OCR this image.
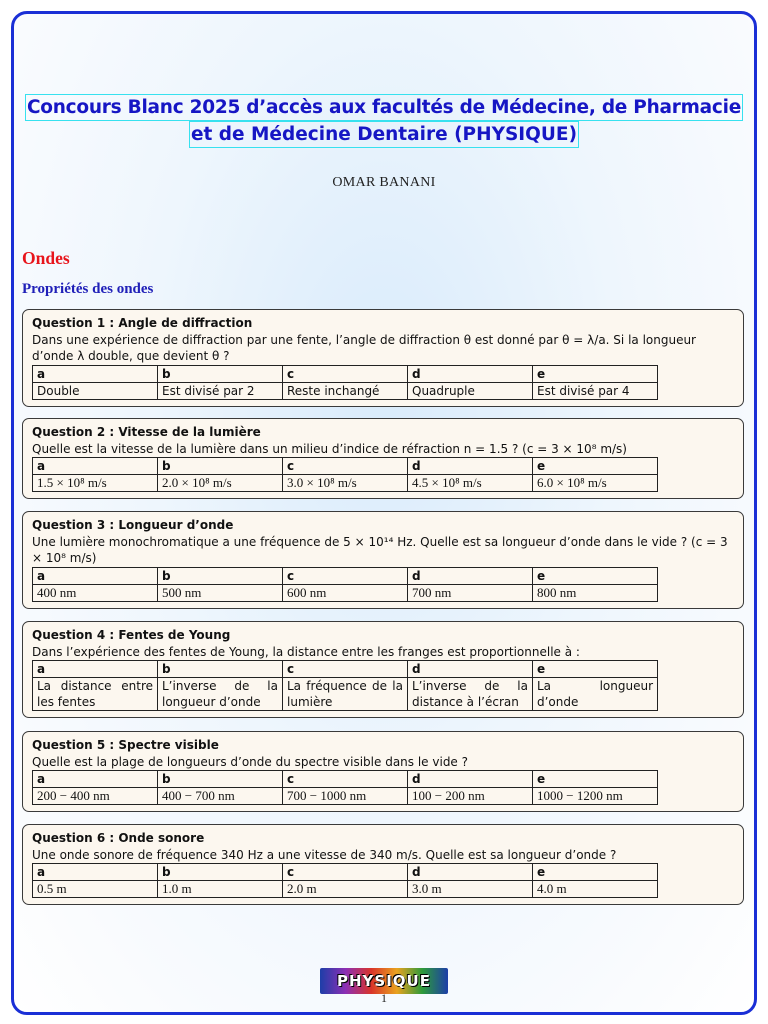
Concours Blanc 2025 d’accès aux facultés de Médecine, de Pharmacie
et de Médecine Dentaire (PHYSIQUE)
OMAR BANANI
Ondes
Propriétés des ondes
Question 1 : Angle de diffraction

Dans une expérience de diffraction par une fente, l’angle de diffraction θ est donné par θ = λ/a. Si la longueur d’onde λ double, que devient θ ?

a	b	c	d	e
Double	Est divisé par 2	Reste inchangé	Quadruple	Est divisé par 4
Question 2 : Vitesse de la lumière

Quelle est la vitesse de la lumière dans un milieu d’indice de réfraction n = 1.5 ? (c = 3 × 10⁸ m/s)

a	b	c	d	e
1.5 × 10⁸ m/s	2.0 × 10⁸ m/s	3.0 × 10⁸ m/s	4.5 × 10⁸ m/s	6.0 × 10⁸ m/s
Question 3 : Longueur d’onde

Une lumière monochromatique a une fréquence de 5 × 10¹⁴ Hz. Quelle est sa longueur d’onde dans le vide ? (c = 3 × 10⁸ m/s)

a	b	c	d	e
400 nm	500 nm	600 nm	700 nm	800 nm
Question 4 : Fentes de Young

Dans l’expérience des fentes de Young, la distance entre les franges est proportionnelle à :

a	b	c	d	e
La distance entre les fentes	L’inverse de la longueur d’onde	La fréquence de la lumière	L’inverse de la distance à l’écran	La longueur d’onde
Question 5 : Spectre visible

Quelle est la plage de longueurs d’onde du spectre visible dans le vide ?

a	b	c	d	e
200 − 400 nm	400 − 700 nm	700 − 1000 nm	100 − 200 nm	1000 − 1200 nm
Question 6 : Onde sonore

Une onde sonore de fréquence 340 Hz a une vitesse de 340 m/s. Quelle est sa longueur d’onde ?

a	b	c	d	e
0.5 m	1.0 m	2.0 m	3.0 m	4.0 m
PHYSIQUE
1
